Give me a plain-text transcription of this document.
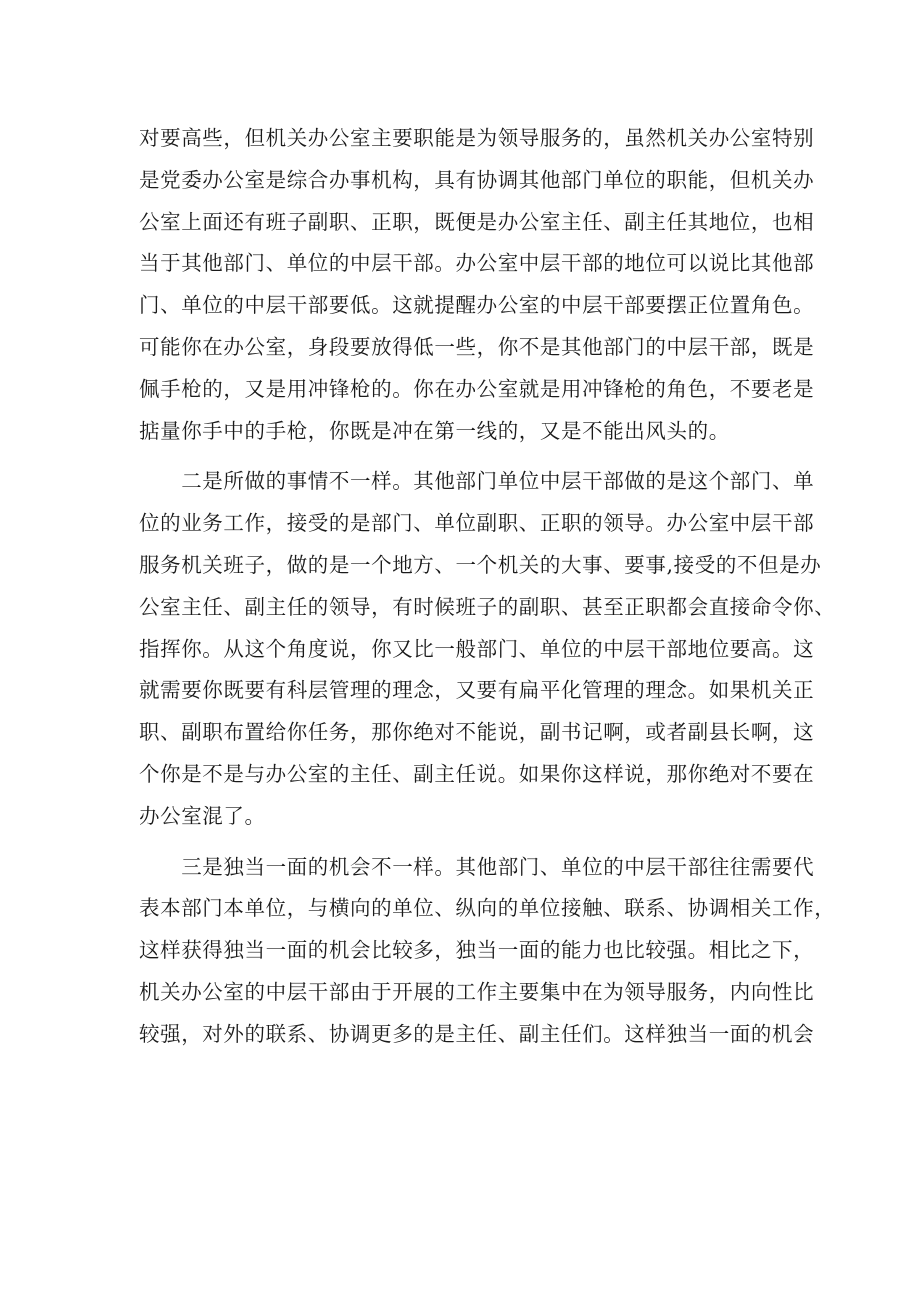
对要高些，但机关办公室主要职能是为领导服务的，虽然机关办公室特别
是党委办公室是综合办事机构，具有协调其他部门单位的职能，但机关办
公室上面还有班子副职、正职，既便是办公室主任、副主任其地位，也相
当于其他部门、单位的中层干部。办公室中层干部的地位可以说比其他部
门、单位的中层干部要低。这就提醒办公室的中层干部要摆正位置角色。
可能你在办公室，身段要放得低一些，你不是其他部门的中层干部，既是
佩手枪的，又是用冲锋枪的。你在办公室就是用冲锋枪的角色，不要老是
掂量你手中的手枪，你既是冲在第一线的，又是不能出风头的。
　　二是所做的事情不一样。其他部门单位中层干部做的是这个部门、单
位的业务工作，接受的是部门、单位副职、正职的领导。办公室中层干部
服务机关班子，做的是一个地方、一个机关的大事、要事,接受的不但是办
公室主任、副主任的领导，有时候班子的副职、甚至正职都会直接命令你、
指挥你。从这个角度说，你又比一般部门、单位的中层干部地位要高。这
就需要你既要有科层管理的理念，又要有扁平化管理的理念。如果机关正
职、副职布置给你任务，那你绝对不能说，副书记啊，或者副县长啊，这
个你是不是与办公室的主任、副主任说。如果你这样说，那你绝对不要在
办公室混了。
　　三是独当一面的机会不一样。其他部门、单位的中层干部往往需要代
表本部门本单位，与横向的单位、纵向的单位接触、联系、协调相关工作，
这样获得独当一面的机会比较多，独当一面的能力也比较强。相比之下，
机关办公室的中层干部由于开展的工作主要集中在为领导服务，内向性比
较强，对外的联系、协调更多的是主任、副主任们。这样独当一面的机会
